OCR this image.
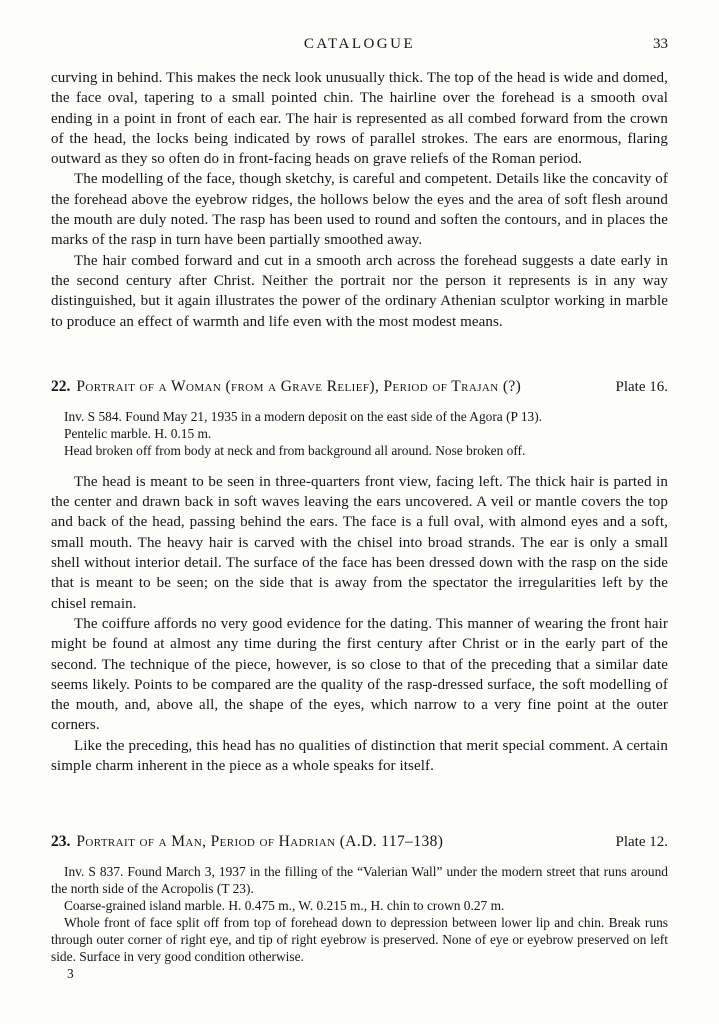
CATALOGUE	33

curving in behind. This makes the neck look unusually thick. The top of the head is wide and domed, the face oval, tapering to a small pointed chin. The hairline over the forehead is a smooth oval ending in a point in front of each ear. The hair is represented as all combed forward from the crown of the head, the locks being indicated by rows of parallel strokes. The ears are enormous, flaring outward as they so often do in front-facing heads on grave reliefs of the Roman period.

The modelling of the face, though sketchy, is careful and competent. Details like the concavity of the forehead above the eyebrow ridges, the hollows below the eyes and the area of soft flesh around the mouth are duly noted. The rasp has been used to round and soften the contours, and in places the marks of the rasp in turn have been partially smoothed away.

The hair combed forward and cut in a smooth arch across the forehead suggests a date early in the second century after Christ. Neither the portrait nor the person it represents is in any way distinguished, but it again illustrates the power of the ordinary Athenian sculptor working in marble to produce an effect of warmth and life even with the most modest means.

22. Portrait of a Woman (from a Grave Relief), Period of Trajan (?)	Plate 16.

Inv. S 584. Found May 21, 1935 in a modern deposit on the east side of the Agora (P 13).

Pentelic marble. H. 0.15 m.

Head broken off from body at neck and from background all around. Nose broken off.

The head is meant to be seen in three-quarters front view, facing left. The thick hair is parted in the center and drawn back in soft waves leaving the ears uncovered. A veil or mantle covers the top and back of the head, passing behind the ears. The face is a full oval, with almond eyes and a soft, small mouth. The heavy hair is carved with the chisel into broad strands. The ear is only a small shell without interior detail. The surface of the face has been dressed down with the rasp on the side that is meant to be seen; on the side that is away from the spectator the irregularities left by the chisel remain.

The coiffure affords no very good evidence for the dating. This manner of wearing the front hair might be found at almost any time during the first century after Christ or in the early part of the second. The technique of the piece, however, is so close to that of the preceding that a similar date seems likely. Points to be compared are the quality of the rasp-dressed surface, the soft modelling of the mouth, and, above all, the shape of the eyes, which narrow to a very fine point at the outer corners.

Like the preceding, this head has no qualities of distinction that merit special comment. A certain simple charm inherent in the piece as a whole speaks for itself.

23. Portrait of a Man, Period of Hadrian (A.D. 117–138)	Plate 12.

Inv. S 837. Found March 3, 1937 in the filling of the “Valerian Wall” under the modern street that runs around the north side of the Acropolis (T 23).

Coarse-grained island marble. H. 0.475 m., W. 0.215 m., H. chin to crown 0.27 m.

Whole front of face split off from top of forehead down to depression between lower lip and chin. Break runs through outer corner of right eye, and tip of right eyebrow is preserved. None of eye or eyebrow preserved on left side. Surface in very good condition otherwise.

3
